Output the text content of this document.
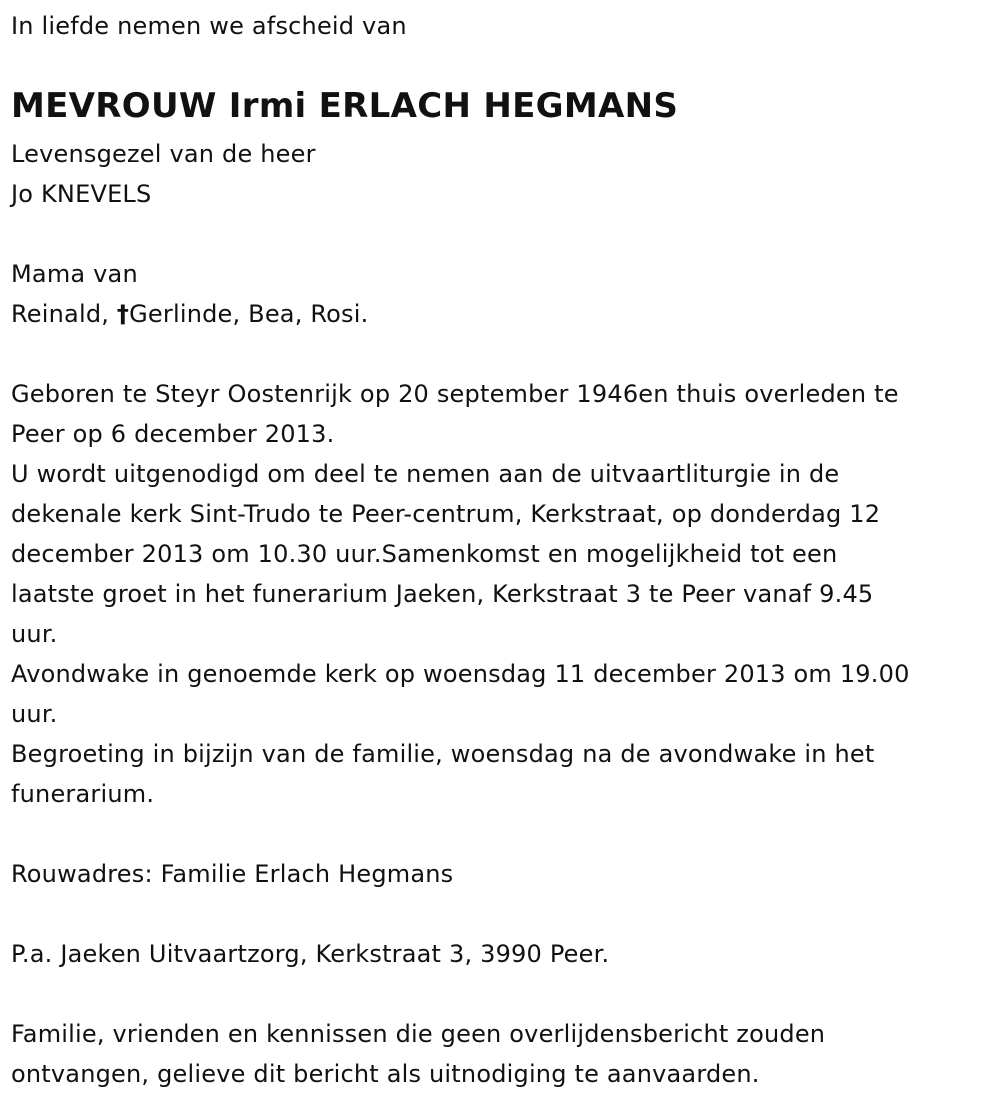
In liefde nemen we afscheid van
MEVROUW Irmi ERLACH HEGMANS
Levensgezel van de heer
Jo KNEVELS
Mama van
Reinald, †Gerlinde, Bea, Rosi.
Geboren te Steyr Oostenrijk op 20 september 1946en thuis overleden te
Peer op 6 december 2013.
U wordt uitgenodigd om deel te nemen aan de uitvaartliturgie in de
dekenale kerk Sint-Trudo te Peer-centrum, Kerkstraat, op donderdag 12
december 2013 om 10.30 uur.Samenkomst en mogelijkheid tot een
laatste groet in het funerarium Jaeken, Kerkstraat 3 te Peer vanaf 9.45
uur.
Avondwake in genoemde kerk op woensdag 11 december 2013 om 19.00
uur.
Begroeting in bijzijn van de familie, woensdag na de avondwake in het
funerarium.
Rouwadres: Familie Erlach Hegmans
P.a. Jaeken Uitvaartzorg, Kerkstraat 3, 3990 Peer.
Familie, vrienden en kennissen die geen overlijdensbericht zouden
ontvangen, gelieve dit bericht als uitnodiging te aanvaarden.
